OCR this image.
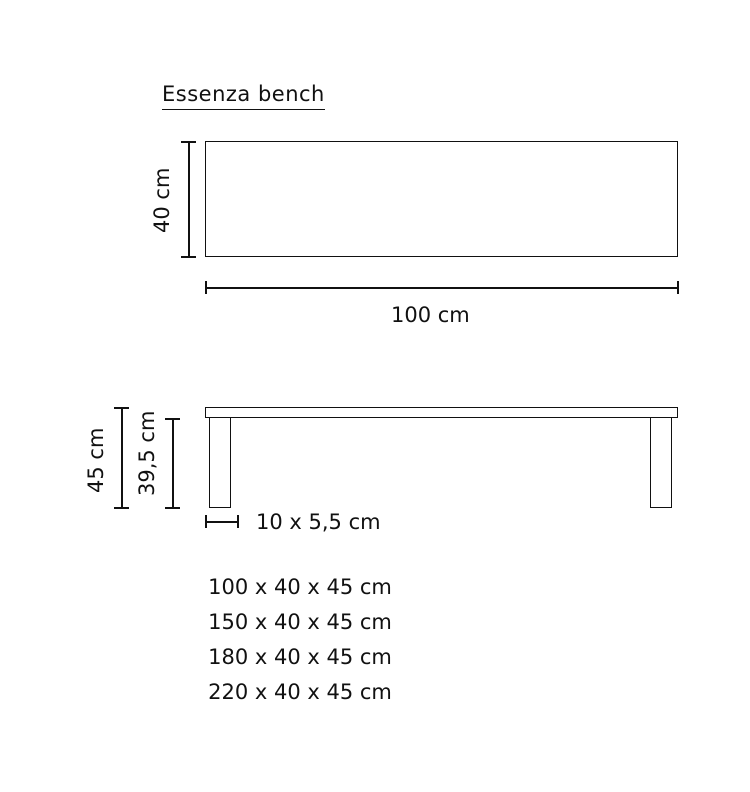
Essenza bench
40 cm
100 cm
39,5 cm
45 cm
10 x 5,5 cm
100 x 40 x 45 cm
150 x 40 x 45 cm
180 x 40 x 45 cm
220 x 40 x 45 cm
